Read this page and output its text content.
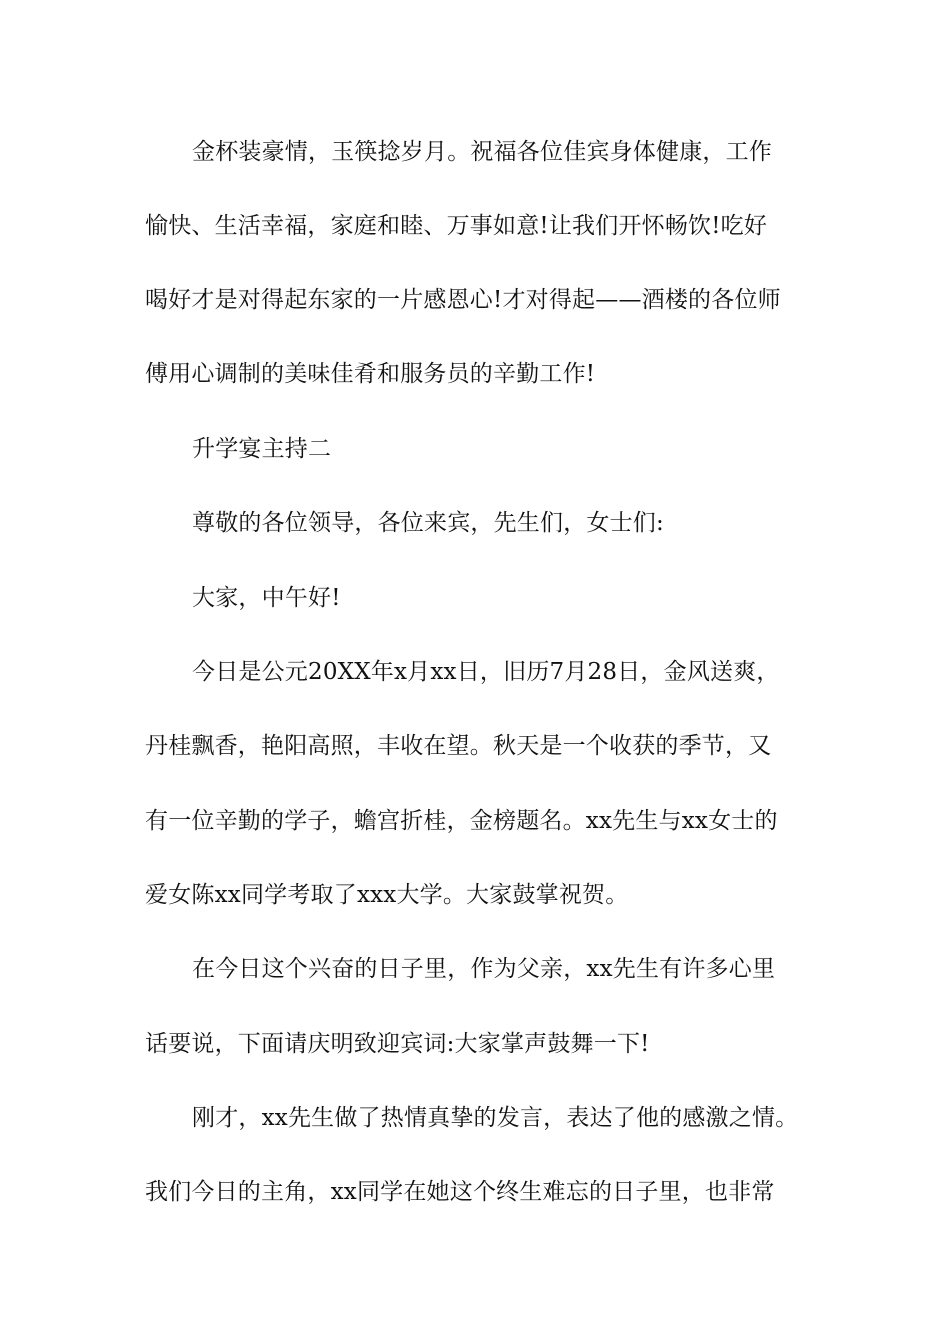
金杯装豪情，玉筷捻岁月。祝福各位佳宾身体健康，工作
愉快、生活幸福，家庭和睦、万事如意!让我们开怀畅饮!吃好
喝好才是对得起东家的一片感恩心!才对得起——酒楼的各位师
傅用心调制的美味佳肴和服务员的辛勤工作!
升学宴主持二
尊敬的各位领导，各位来宾，先生们，女士们:
大家，中午好!
今日是公元20XX年x月xx日，旧历7月28日，金风送爽，
丹桂飘香，艳阳高照，丰收在望。秋天是一个收获的季节，又
有一位辛勤的学子，蟾宫折桂，金榜题名。xx先生与xx女士的
爱女陈xx同学考取了xxx大学。大家鼓掌祝贺。
在今日这个兴奋的日子里，作为父亲，xx先生有许多心里
话要说，下面请庆明致迎宾词:大家掌声鼓舞一下!
刚才，xx先生做了热情真挚的发言，表达了他的感激之情。
我们今日的主角，xx同学在她这个终生难忘的日子里，也非常
